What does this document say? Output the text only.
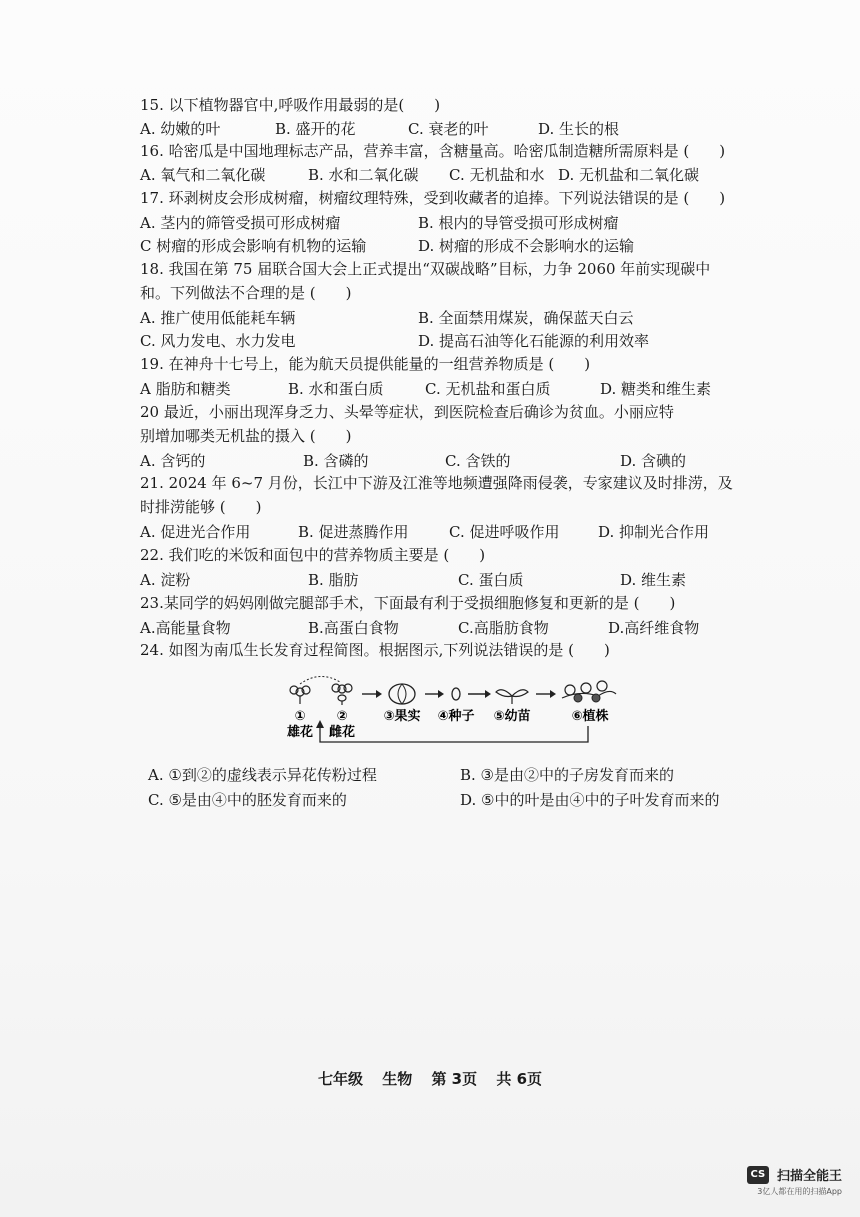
15. 以下植物器官中,呼吸作用最弱的是(　　)
A. 幼嫩的叶	B. 盛开的花	C. 衰老的叶	D. 生长的根
16. 哈密瓜是中国地理标志产品，营养丰富，含糖量高。哈密瓜制造糖所需原料是 (　　)
A. 氧气和二氧化碳	B. 水和二氧化碳 C. 无机盐和水 D. 无机盐和二氧化碳
17. 环剥树皮会形成树瘤，树瘤纹理特殊，受到收藏者的追捧。下列说法错误的是 (　　)
A. 茎内的筛管受损可形成树瘤	B. 根内的导管受损可形成树瘤
C 树瘤的形成会影响有机物的运输	D. 树瘤的形成不会影响水的运输
18. 我国在第 75 届联合国大会上正式提出“双碳战略”目标，力争 2060 年前实现碳中
和。下列做法不合理的是 (　　)
A. 推广使用低能耗车辆	B. 全面禁用煤炭，确保蓝天白云
C. 风力发电、水力发电	D. 提高石油等化石能源的利用效率
19. 在神舟十七号上，能为航天员提供能量的一组营养物质是 (　　)
A 脂肪和糖类	B. 水和蛋白质	C. 无机盐和蛋白质	D. 糖类和维生素
20 最近，小丽出现浑身乏力、头晕等症状，到医院检查后确诊为贫血。小丽应特
别增加哪类无机盐的摄入 (　　)
A. 含钙的	B. 含磷的	C. 含铁的	D. 含碘的
21. 2024 年 6~7 月份，长江中下游及江淮等地频遭强降雨侵袭，专家建议及时排涝，及
时排涝能够 (　　)
A. 促进光合作用	B. 促进蒸腾作用	C. 促进呼吸作用	D. 抑制光合作用
22. 我们吃的米饭和面包中的营养物质主要是 (　　)
A. 淀粉	B. 脂肪	C. 蛋白质	D. 维生素
23.某同学的妈妈刚做完腿部手术，下面最有利于受损细胞修复和更新的是 (　　)
A.高能量食物	B.高蛋白食物	C.高脂肪食物	D.高纤维食物
24. 如图为南瓜生长发育过程简图。根据图示,下列说法错误的是 (　　)
① ②	③果实 ④种子 ⑤幼苗	⑥植株
雄花 雌花
A. ①到②的虚线表示异花传粉过程	B. ③是由②中的子房发育而来的
C. ⑤是由④中的胚发育而来的	D. ⑤中的叶是由④中的子叶发育而来的
七年级 生物 第 3页 共 6页
CS 扫描全能王
3亿人都在用的扫描App
